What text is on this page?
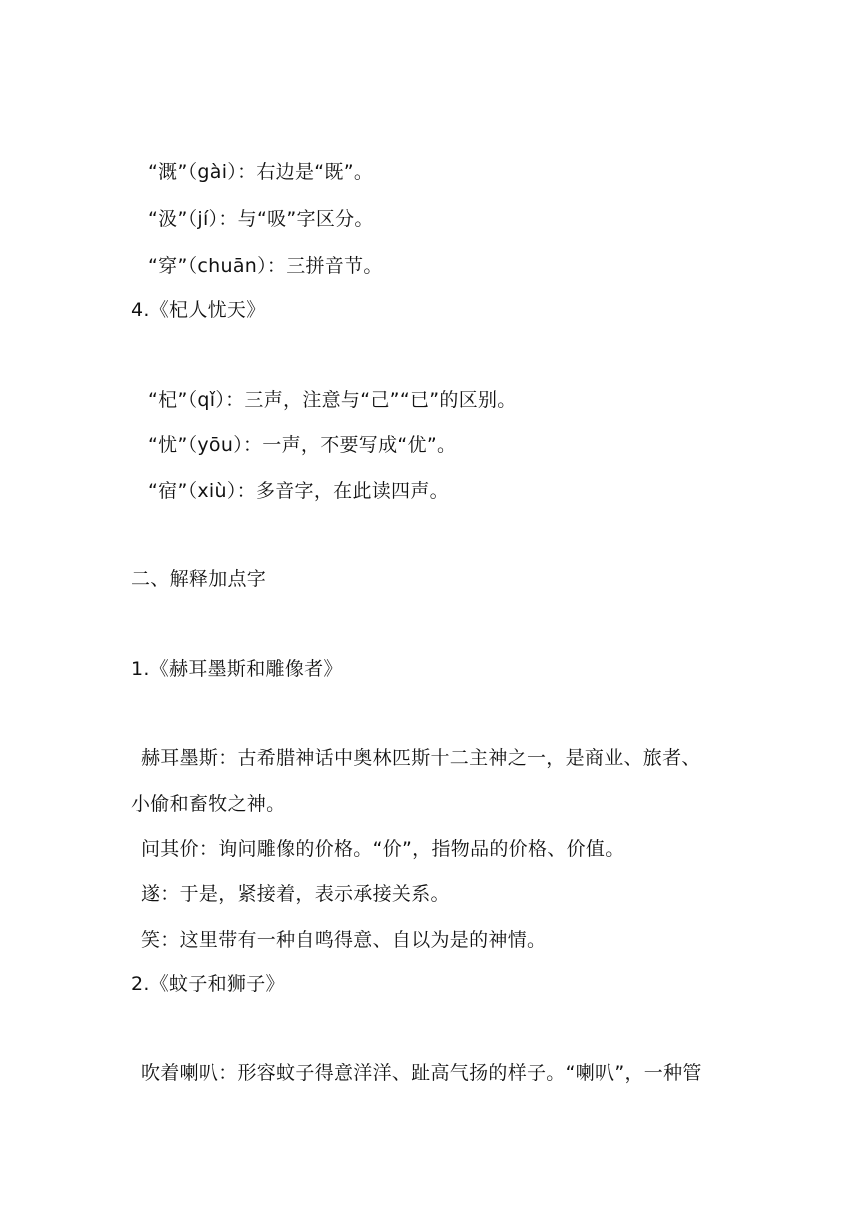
“溉”（gài）：右边是“既”。
“汲”（jí）：与“吸”字区分。
“穿”（chuān）：三拼音节。
4.《杞人忧天》
“杞”（qǐ）：三声，注意与“己”“已”的区别。
“忧”（yōu）：一声，不要写成“优”。
“宿”（xiù）：多音字，在此读四声。
二、解释加点字
1.《赫耳墨斯和雕像者》
赫耳墨斯：古希腊神话中奥林匹斯十二主神之一，是商业、旅者、
小偷和畜牧之神。
问其价：询问雕像的价格。“价”，指物品的价格、价值。
遂：于是，紧接着，表示承接关系。
笑：这里带有一种自鸣得意、自以为是的神情。
2.《蚊子和狮子》
吹着喇叭：形容蚊子得意洋洋、趾高气扬的样子。“喇叭”，一种管
